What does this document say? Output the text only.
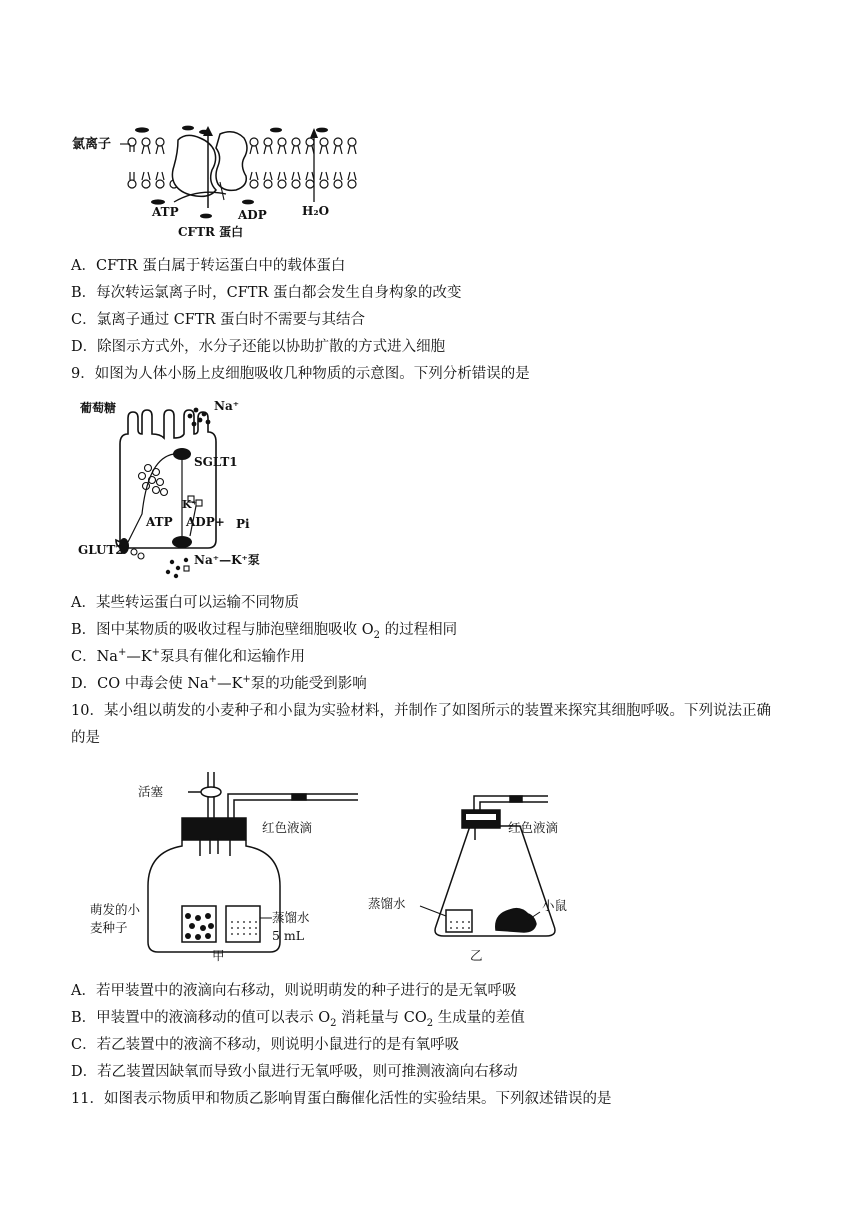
氯离子
ATP	ADP	H₂O
CFTR 蛋白
A．CFTR 蛋白属于转运蛋白中的载体蛋白
B．每次转运氯离子时，CFTR 蛋白都会发生自身构象的改变
C．氯离子通过 CFTR 蛋白时不需要与其结合
D．除图示方式外，水分子还能以协助扩散的方式进入细胞
9．如图为人体小肠上皮细胞吸收几种物质的示意图。下列分析错误的是
葡萄糖	Na⁺
SGLT1
K⁺
ATP ADP+ Pi
GLUT2
Na⁺—K⁺泵
A．某些转运蛋白可以运输不同物质
B．图中某物质的吸收过程与肺泡壁细胞吸收 $O_2$ 的过程相同
C．Na+—K+泵具有催化和运输作用
D．CO 中毒会使 Na+—K+泵的功能受到影响
10．某小组以萌发的小麦种子和小鼠为实验材料，并制作了如图所示的装置来探究其细胞呼吸。下列说法正确
的是
活塞
红色液滴
萌发的小
麦种子
蒸馏水
5 mL
甲
红色液滴
蒸馏水	小鼠
乙
A．若甲装置中的液滴向右移动，则说明萌发的种子进行的是无氧呼吸
B．甲装置中的液滴移动的值可以表示 $O_2$ 消耗量与 $CO_2$ 生成量的差值
C．若乙装置中的液滴不移动，则说明小鼠进行的是有氧呼吸
D．若乙装置因缺氧而导致小鼠进行无氧呼吸，则可推测液滴向右移动
11．如图表示物质甲和物质乙影响胃蛋白酶催化活性的实验结果。下列叙述错误的是
